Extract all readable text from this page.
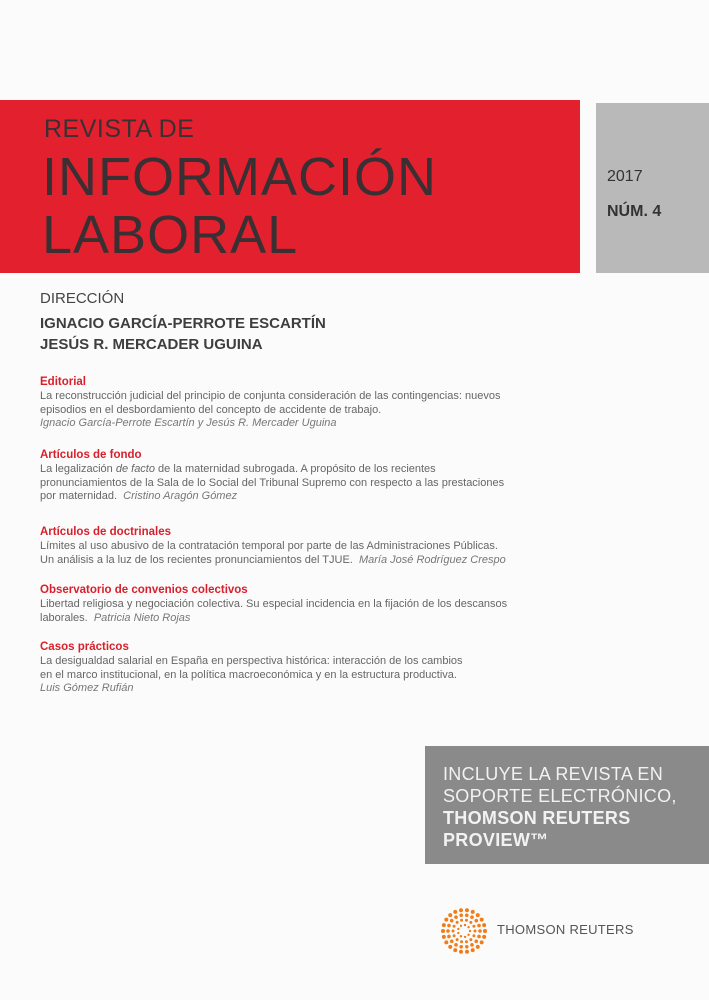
REVISTA DE
INFORMACIÓN
LABORAL
2017
NÚM. 4
DIRECCIÓN
IGNACIO GARCÍA-PERROTE ESCARTÍN
JESÚS R. MERCADER UGUINA
Editorial
La reconstrucción judicial del principio de conjunta consideración de las contingencias: nuevos
episodios en el desbordamiento del concepto de accidente de trabajo.
Ignacio García-Perrote Escartín y Jesús R. Mercader Uguina
Artículos de fondo
La legalización de facto de la maternidad subrogada. A propósito de los recientes
pronunciamientos de la Sala de lo Social del Tribunal Supremo con respecto a las prestaciones
por maternidad. Cristino Aragón Gómez
Artículos de doctrinales
Límites al uso abusivo de la contratación temporal por parte de las Administraciones Públicas.
Un análisis a la luz de los recientes pronunciamientos del TJUE. María José Rodríguez Crespo
Observatorio de convenios colectivos
Libertad religiosa y negociación colectiva. Su especial incidencia en la fijación de los descansos
laborales. Patricia Nieto Rojas
Casos prácticos
La desigualdad salarial en España en perspectiva histórica: interacción de los cambios
en el marco institucional, en la política macroeconómica y en la estructura productiva.
Luis Gómez Rufián
INCLUYE LA REVISTA EN
SOPORTE ELECTRÓNICO,
THOMSON REUTERS
PROVIEW™
THOMSON REUTERS
